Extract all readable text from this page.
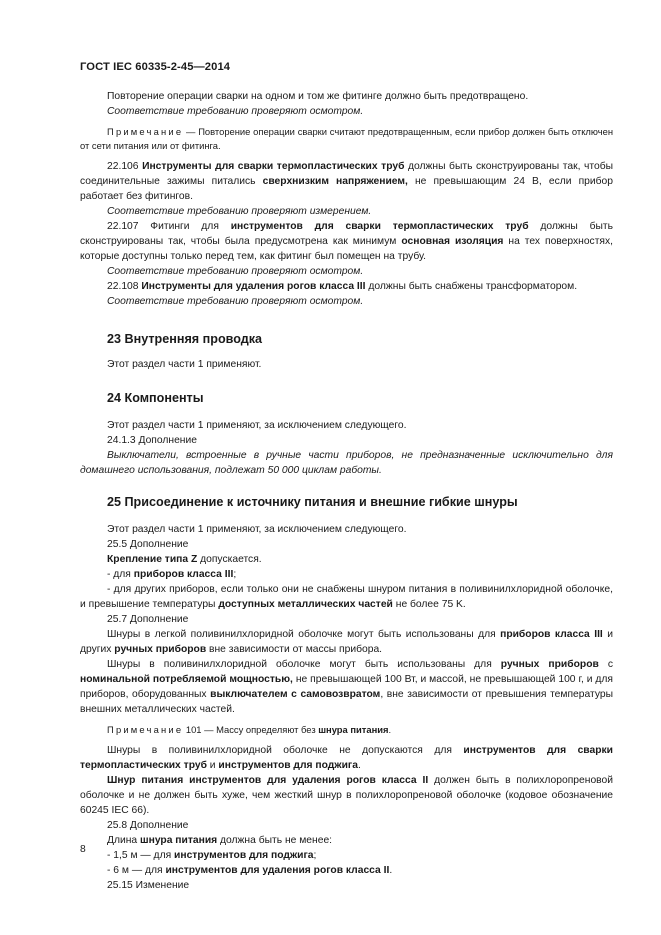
ГОСТ IEC 60335-2-45—2014

Повторение операции сварки на одном и том же фитинге должно быть предотвращено.

Соответствие требованию проверяют осмотром.

Примечание — Повторение операции сварки считают предотвращенным, если прибор должен быть отключен от сети питания или от фитинга.

22.106 Инструменты для сварки термопластических труб должны быть сконструированы так, чтобы соединительные зажимы питались сверхнизким напряжением, не превышающим 24 В, если прибор работает без фитингов.

Соответствие требованию проверяют измерением.

22.107 Фитинги для инструментов для сварки термопластических труб должны быть сконструированы так, чтобы была предусмотрена как минимум основная изоляция на тех поверхностях, которые доступны только перед тем, как фитинг был помещен на трубу.

Соответствие требованию проверяют осмотром.

22.108 Инструменты для удаления рогов класса III должны быть снабжены трансформатором.

Соответствие требованию проверяют осмотром.

23 Внутренняя проводка

Этот раздел части 1 применяют.

24 Компоненты

Этот раздел части 1 применяют, за исключением следующего.

24.1.3 Дополнение

Выключатели, встроенные в ручные части приборов, не предназначенные исключительно для домашнего использования, подлежат 50 000 циклам работы.

25 Присоединение к источнику питания и внешние гибкие шнуры

Этот раздел части 1 применяют, за исключением следующего.

25.5 Дополнение

Крепление типа Z допускается.

- для приборов класса III;

- для других приборов, если только они не снабжены шнуром питания в поливинилхлоридной оболочке, и превышение температуры доступных металлических частей не более 75 K.

25.7 Дополнение

Шнуры в легкой поливинилхлоридной оболочке могут быть использованы для приборов класса III и других ручных приборов вне зависимости от массы прибора.

Шнуры в поливинилхлоридной оболочке могут быть использованы для ручных приборов с номинальной потребляемой мощностью, не превышающей 100 Вт, и массой, не превышающей 100 г, и для приборов, оборудованных выключателем с самовозвратом, вне зависимости от превышения температуры внешних металлических частей.

Примечание 101 — Массу определяют без шнура питания.

Шнуры в поливинилхлоридной оболочке не допускаются для инструментов для сварки термопластических труб и инструментов для поджига.

Шнур питания инструментов для удаления рогов класса II должен быть в полихлоропреновой оболочке и не должен быть хуже, чем жесткий шнур в полихлоропреновой оболочке (кодовое обозначение 60245 IEC 66).

25.8 Дополнение

Длина шнура питания должна быть не менее:

- 1,5 м — для инструментов для поджига;

- 6 м — для инструментов для удаления рогов класса II.

25.15 Изменение

8
